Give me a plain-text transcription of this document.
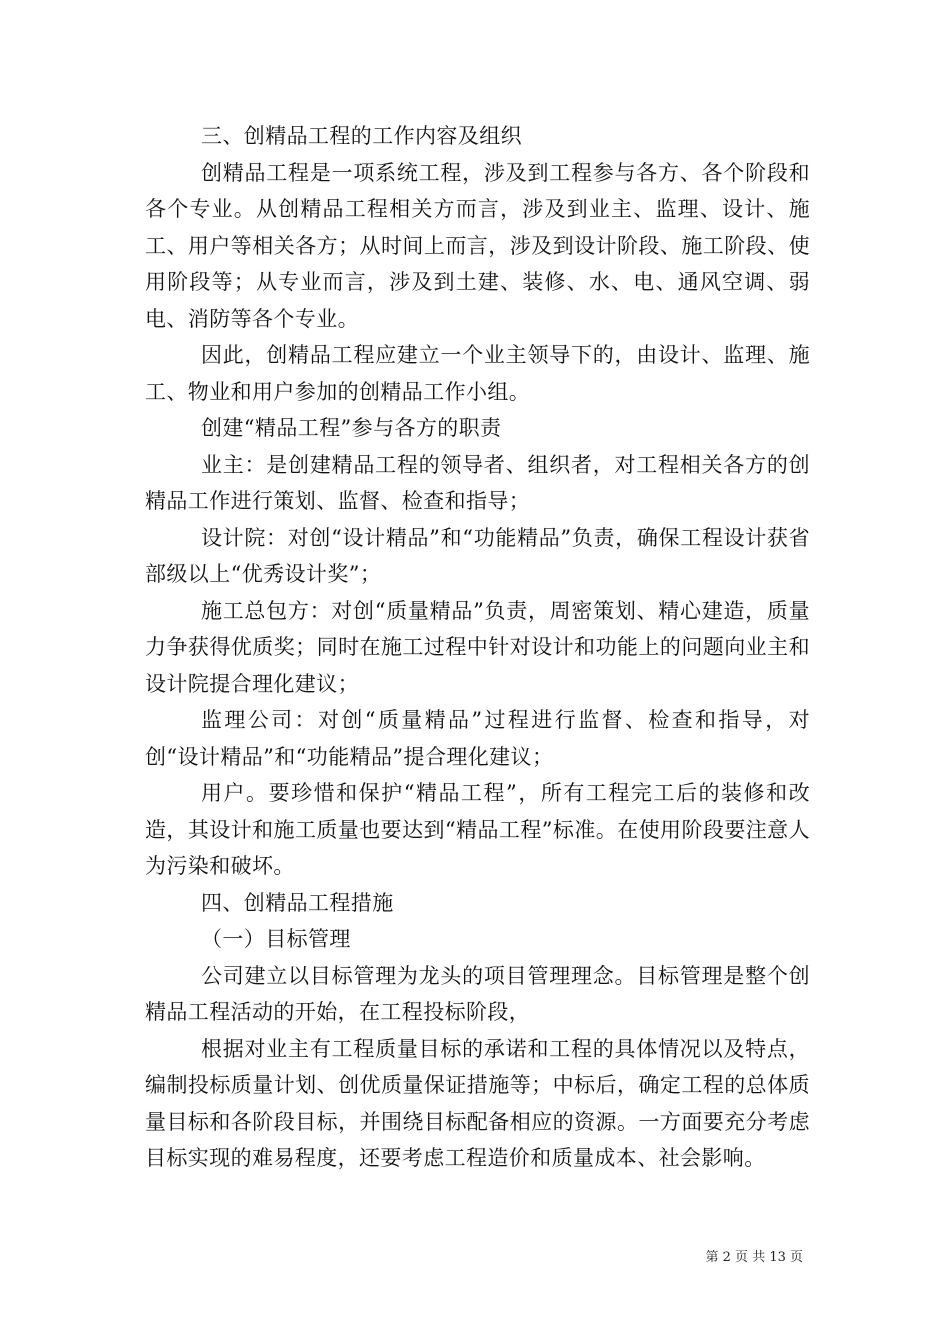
三、创精品工程的工作内容及组织

创精品工程是一项系统工程，涉及到工程参与各方、各个阶段和各个专业。从创精品工程相关方而言，涉及到业主、监理、设计、施工、用户等相关各方；从时间上而言，涉及到设计阶段、施工阶段、使用阶段等；从专业而言，涉及到土建、装修、水、电、通风空调、弱电、消防等各个专业。

因此，创精品工程应建立一个业主领导下的，由设计、监理、施工、物业和用户参加的创精品工作小组。

创建“精品工程”参与各方的职责

业主：是创建精品工程的领导者、组织者，对工程相关各方的创精品工作进行策划、监督、检查和指导；

设计院：对创“设计精品”和“功能精品”负责，确保工程设计获省部级以上“优秀设计奖”；

施工总包方：对创“质量精品”负责，周密策划、精心建造，质量力争获得优质奖；同时在施工过程中针对设计和功能上的问题向业主和设计院提合理化建议；

监理公司：对创“质量精品”过程进行监督、检查和指导，对创“设计精品”和“功能精品”提合理化建议；

用户。要珍惜和保护“精品工程”，所有工程完工后的装修和改造，其设计和施工质量也要达到“精品工程”标准。在使用阶段要注意人为污染和破坏。

四、创精品工程措施

（一）目标管理

公司建立以目标管理为龙头的项目管理理念。目标管理是整个创精品工程活动的开始，在工程投标阶段，

根据对业主有工程质量目标的承诺和工程的具体情况以及特点，编制投标质量计划、创优质量保证措施等；中标后，确定工程的总体质量目标和各阶段目标，并围绕目标配备相应的资源。一方面要充分考虑目标实现的难易程度，还要考虑工程造价和质量成本、社会影响。

第 2 页 共 13 页
